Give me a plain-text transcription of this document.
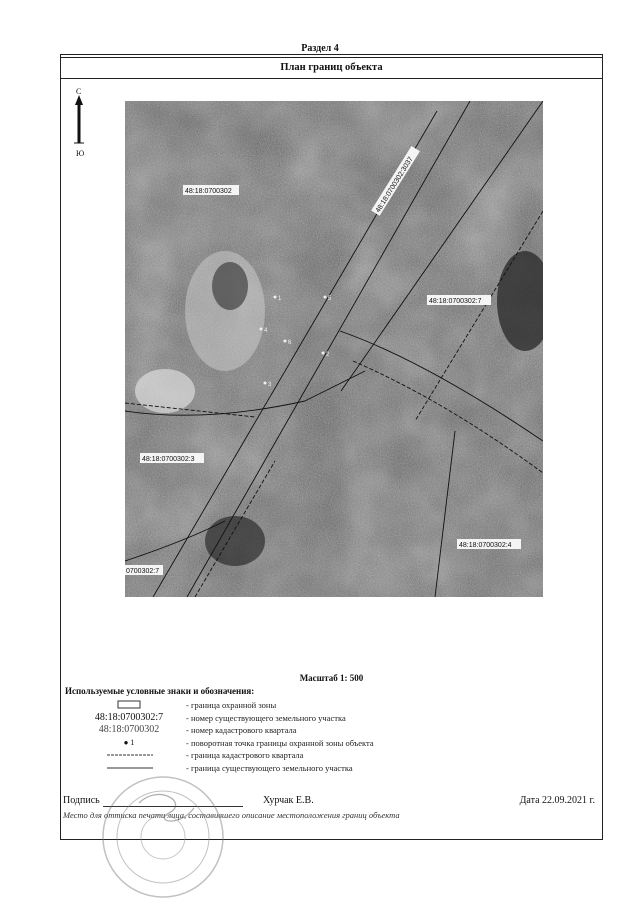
Раздел 4
План границ объекта
С
Ю
1
2
3
4
5
6
48:18:0700302	48:18:0700302:3037
48:18:0700302:7
48:18:0700302:3
48:18:0700302:4
0700302:7
Масштаб 1: 500
Используемые условные знаки и обозначения:
- граница охранной зоны
48:18:0700302:7	- номер существующего земельного участка
48:18:0700302	- номер кадастрового квартала
● 1	- поворотная точка границы охранной зоны объекта
- граница кадастрового квартала
- граница существующего земельного участка
Подпись	Хурчак Е.В.	Дата 22.09.2021 г.
Место для оттиска печати лица, составившего описание местоположения границ объекта
